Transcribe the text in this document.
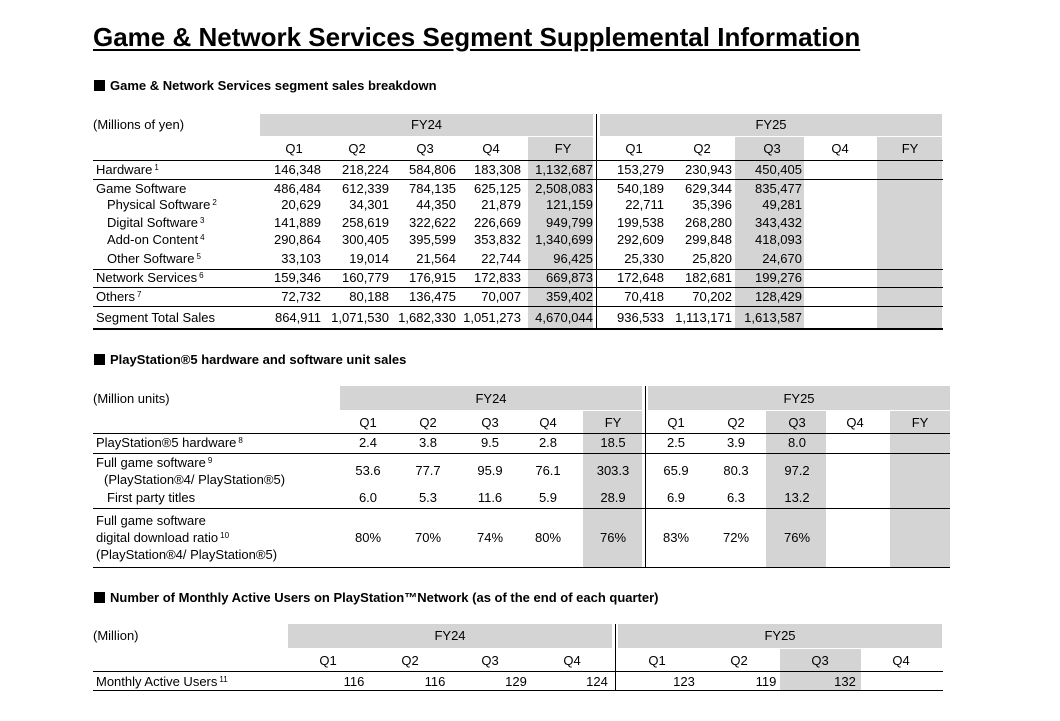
Game & Network Services Segment Supplemental Information
Game & Network Services segment sales breakdown
(Millions of yen)	FY24	FY25
Q1	Q2	Q3	Q4	FY	Q1	Q2	Q3	Q4	FY
Hardware $^1$	146,348	218,224	584,806	183,308	1,132,687	153,279	230,943	450,405
Game Software	486,484	612,339	784,135	625,125	2,508,083	540,189	629,344	835,477
Physical Software $^2$	20,629	34,301	44,350	21,879	121,159	22,711	35,396	49,281
Digital Software $^3$	141,889	258,619	322,622	226,669	949,799	199,538	268,280	343,432
Add-on Content $^4$	290,864	300,405	395,599	353,832	1,340,699	292,609	299,848	418,093
Other Software $^5$	33,103	19,014	21,564	22,744	96,425	25,330	25,820	24,670
Network Services $^6$	159,346	160,779	176,915	172,833	669,873	172,648	182,681	199,276
Others $^7$	72,732	80,188	136,475	70,007	359,402	70,418	70,202	128,429
Segment Total Sales	864,911 1,071,530 1,682,330 1,051,273	4,670,044	936,533 1,113,171 1,613,587
PlayStation®5 hardware and software unit sales
(Million units)	FY24	FY25
Q1	Q2	Q3	Q4	FY	Q1	Q2	Q3	Q4	FY
PlayStation®5 hardware $^8$	2.4	3.8	9.5	2.8	18.5	2.5	3.9	8.0
Full game software $^9$
(PlayStation®4/ PlayStation®5)
53.6	77.7	95.9	76.1	303.3	65.9	80.3	97.2
First party titles	6.0	5.3	11.6	5.9	28.9	6.9	6.3	13.2
Full game software
digital download ratio $^{10}$
(PlayStation®4/ PlayStation®5)
80%	70%	74%	80%	76%	83%	72%	76%
Number of Monthly Active Users on PlayStation™Network (as of the end of each quarter)
(Million)	FY24	FY25
Q1	Q2	Q3	Q4	Q1	Q2	Q3	Q4
Monthly Active Users $^{11}$	116	116	129	124	123	119	132
